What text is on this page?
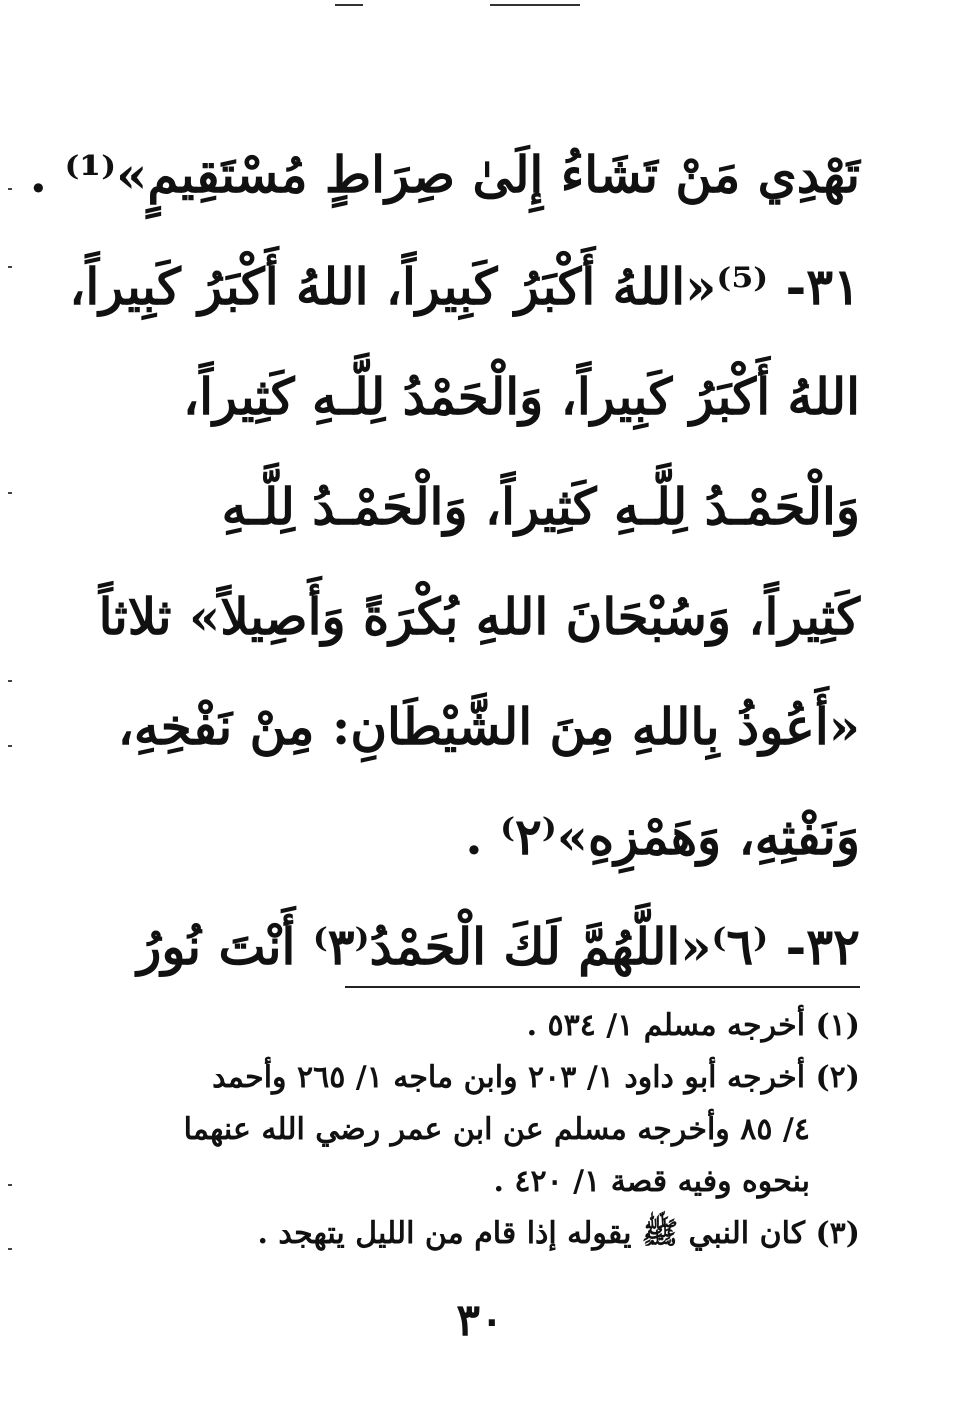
تَهْدِي مَنْ تَشَاءُ إِلَىٰ صِرَاطٍ مُسْتَقِيمٍ»⁽¹⁾ .
٣١- ⁽⁵⁾«اللهُ أَكْبَرُ كَبِيراً، اللهُ أَكْبَرُ كَبِيراً،
اللهُ أَكْبَرُ كَبِيراً، وَالْحَمْدُ لِلَّـهِ كَثِيراً،
وَالْحَمْـدُ لِلَّـهِ كَثِيراً، وَالْحَمْـدُ لِلَّـهِ
كَثِيراً، وَسُبْحَانَ اللهِ بُكْرَةً وَأَصِيلاً» ثلاثاً
«أَعُوذُ بِاللهِ مِنَ الشَّيْطَانِ: مِنْ نَفْخِهِ،
وَنَفْثِهِ، وَهَمْزِهِ»⁽٢⁾ .
٣٢- ⁽٦⁾«اللَّهُمَّ لَكَ الْحَمْدُ⁽٣⁾ أَنْتَ نُورُ
(١) أخرجه مسلم ١/ ٥٣٤ .
(٢) أخرجه أبو داود ١/ ٢٠٣ وابن ماجه ١/ ٢٦٥ وأحمد
٤/ ٨٥ وأخرجه مسلم عن ابن عمر رضي الله عنهما
بنحوه وفيه قصة ١/ ٤٢٠ .
(٣) كان النبي ﷺ يقوله إذا قام من الليل يتهجد .
٣٠
